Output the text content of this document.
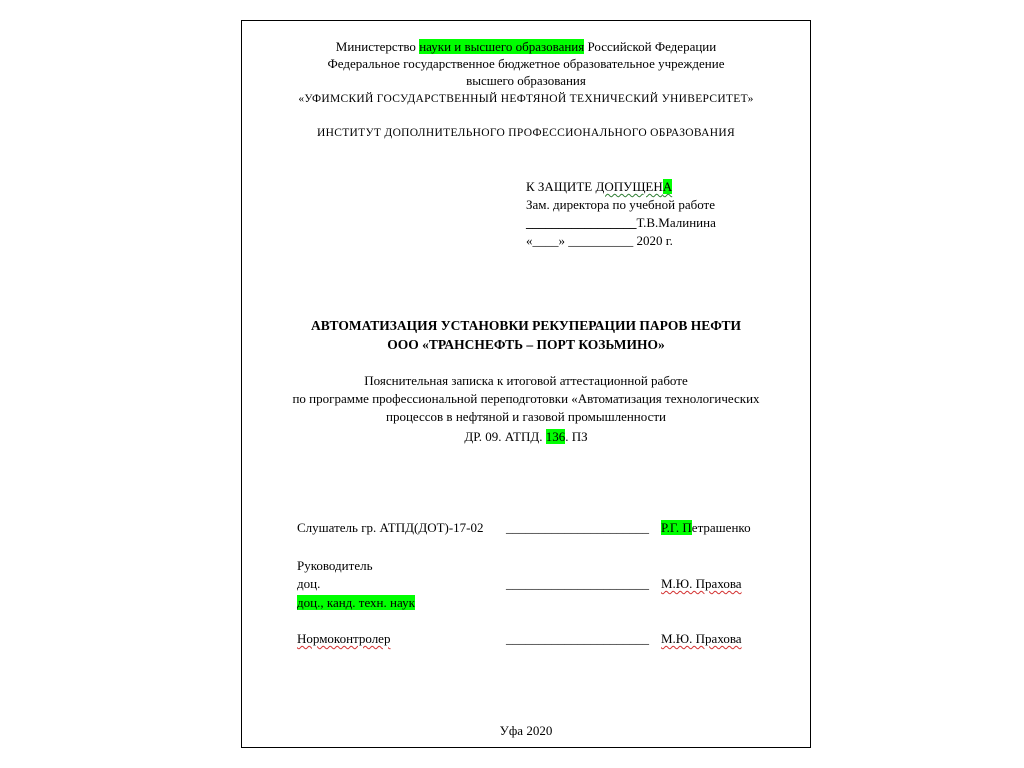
Министерство науки и высшего образования Российской Федерации
Федеральное государственное бюджетное образовательное учреждение
высшего образования
«УФИМСКИЙ ГОСУДАРСТВЕННЫЙ НЕФТЯНОЙ ТЕХНИЧЕСКИЙ УНИВЕРСИТЕТ»
ИНСТИТУТ ДОПОЛНИТЕЛЬНОГО ПРОФЕССИОНАЛЬНОГО ОБРАЗОВАНИЯ
К ЗАЩИТЕ ДОПУЩЕНА
Зам. директора по учебной работе
_________________Т.В.Малинина
«____» __________ 2020 г.
АВТОМАТИЗАЦИЯ УСТАНОВКИ РЕКУПЕРАЦИИ ПАРОВ НЕФТИ
ООО «ТРАНСНЕФТЬ – ПОРТ КОЗЬМИНО»
Пояснительная записка к итоговой аттестационной работе
по программе профессиональной переподготовки «Автоматизация технологических
процессов в нефтяной и газовой промышленности
ДР. 09. АТПД. 136. ПЗ
Слушатель гр. АТПД(ДОТ)-17-02 ______________________ Р.Г. Петрашенко
Руководитель
доц.	______________________ М.Ю. Прахова
доц., канд. техн. наук
Нормоконтролер	______________________ М.Ю. Прахова
Уфа 2020
